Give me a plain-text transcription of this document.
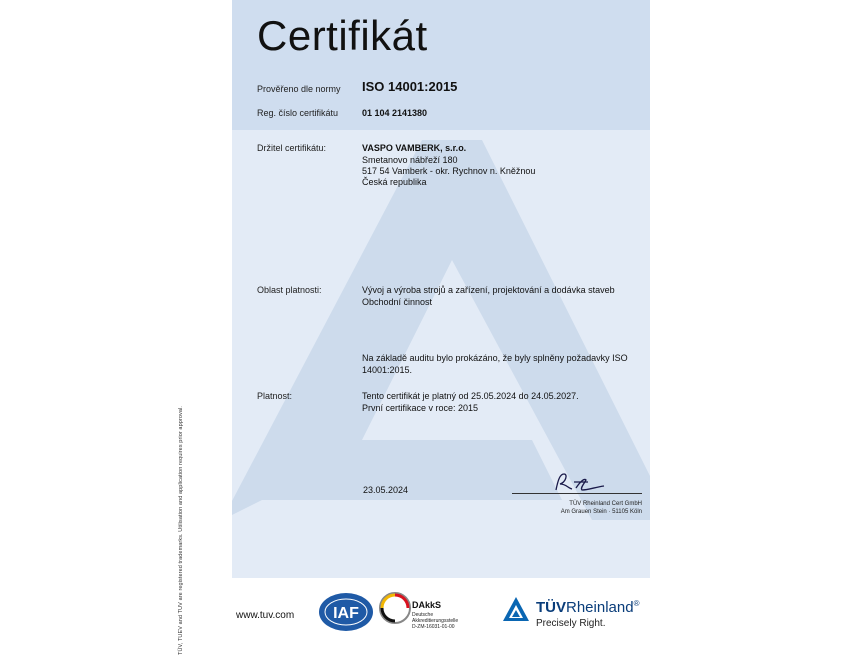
TÜV, TUEV and TUV are registered trademarks. Utilisation and application requires prior approval.
Certifikát
Prověřeno dle normy ISO 14001:2015
Reg. číslo certifikátu	01 104 2141380
Držitel certifikátu:	VASPO VAMBERK, s.r.o.
Smetanovo nábřeží 180
517 54 Vamberk - okr. Rychnov n. Kněžnou
Česká republika
Oblast platnosti:	Vývoj a výroba strojů a zařízení, projektování a dodávka staveb
Obchodní činnost
Na základě auditu bylo prokázáno, že byly splněny požadavky ISO
14001:2015.
Platnost:	Tento certifikát je platný od 25.05.2024 do 24.05.2027.
První certifikace v roce: 2015
23.05.2024
TÜV Rheinland Cert GmbH
Am Grauen Stein · 51105 Köln
www.tuv.com IAF	DAkkS
Deutsche
Akkreditierungsstelle
D-ZM-16031-01-00
TÜVRheinland®
Precisely Right.
